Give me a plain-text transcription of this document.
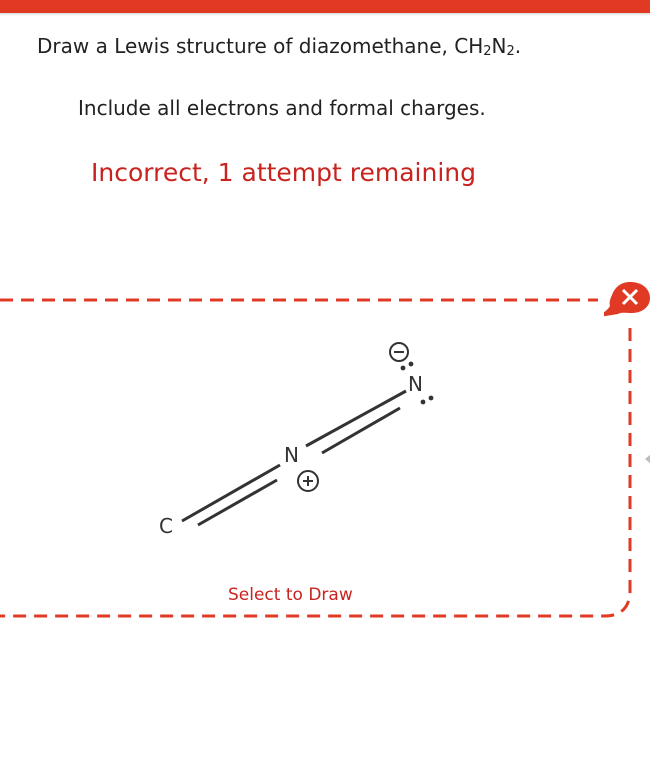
Draw a Lewis structure of diazomethane, CH2N2.
Include all electrons and formal charges.
Incorrect, 1 attempt remaining
C
N
N
Select to Draw
